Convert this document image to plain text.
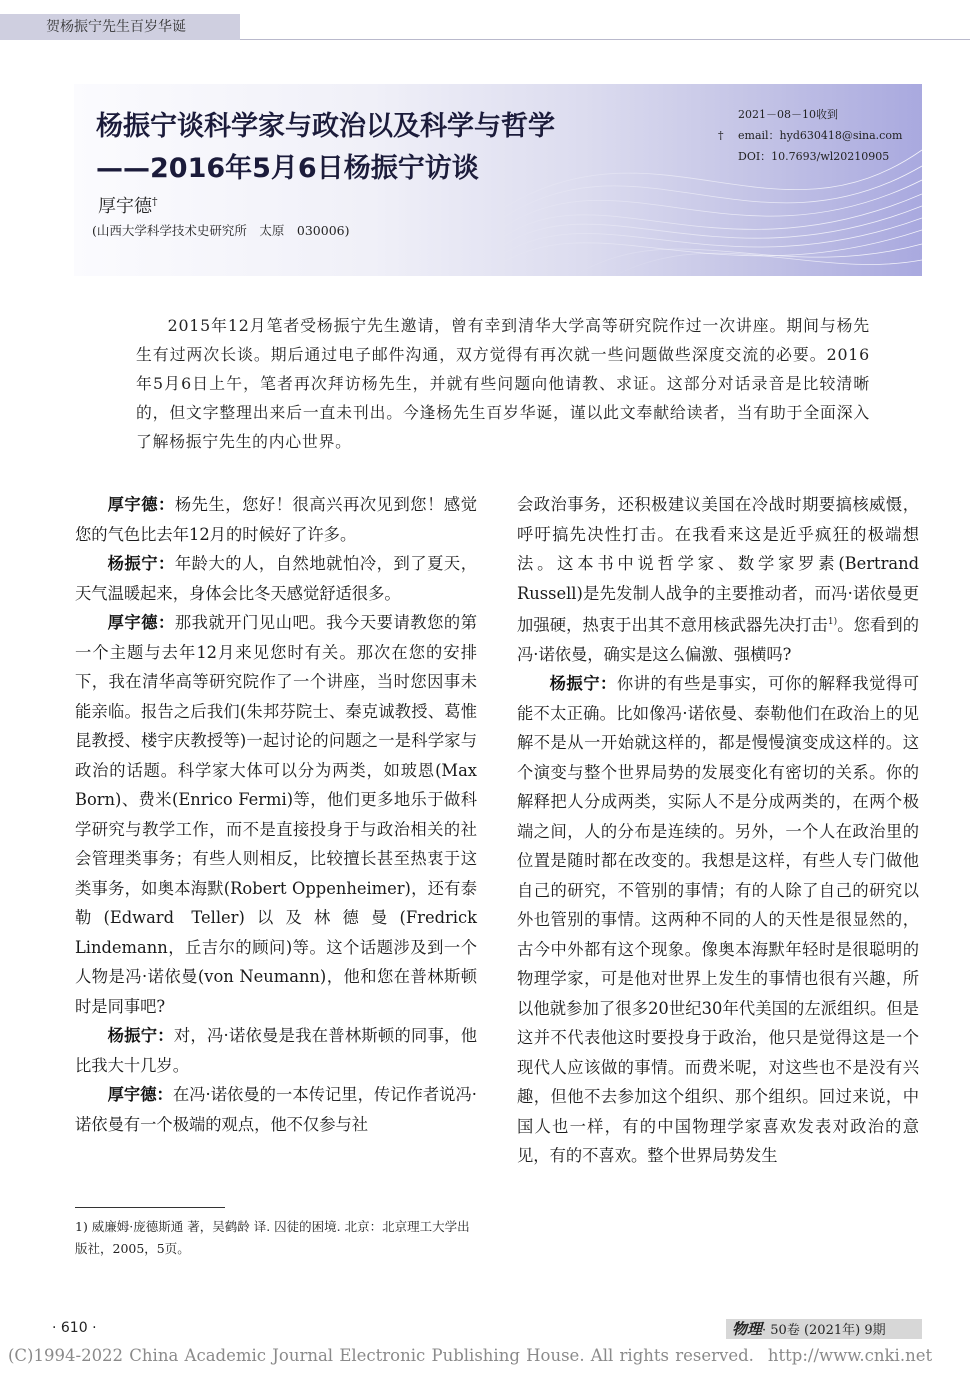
贺杨振宁先生百岁华诞
杨振宁谈科学家与政治以及科学与哲学
——2016年5月6日杨振宁访谈
厚宇德†
(山西大学科学技术史研究所　太原　030006)
2021－08－10收到
† email：hyd630418@sina.com
DOI：10.7693/wl20210905
2015年12月笔者受杨振宁先生邀请，曾有幸到清华大学高等研究院作过一次讲座。期间与杨先生有过两次长谈。期后通过电子邮件沟通，双方觉得有再次就一些问题做些深度交流的必要。2016年5月6日上午，笔者再次拜访杨先生，并就有些问题向他请教、求证。这部分对话录音是比较清晰的，但文字整理出来后一直未刊出。今逢杨先生百岁华诞，谨以此文奉献给读者，当有助于全面深入了解杨振宁先生的内心世界。

厚宇德：杨先生，您好！很高兴再次见到您！感觉您的气色比去年12月的时候好了许多。

杨振宁：年龄大的人，自然地就怕冷，到了夏天，天气温暖起来，身体会比冬天感觉舒适很多。

厚宇德：那我就开门见山吧。我今天要请教您的第一个主题与去年12月来见您时有关。那次在您的安排下，我在清华高等研究院作了一个讲座，当时您因事未能亲临。报告之后我们(朱邦芬院士、秦克诚教授、葛惟昆教授、楼宇庆教授等)一起讨论的问题之一是科学家与政治的话题。科学家大体可以分为两类，如玻恩(Max Born)、费米(Enrico Fermi)等，他们更多地乐于做科学研究与教学工作，而不是直接投身于与政治相关的社会管理类事务；有些人则相反，比较擅长甚至热衷于这类事务，如奥本海默(Robert Oppenheimer)，还有泰勒(Edward Teller)以及林德曼(Fredrick Lindemann，丘吉尔的顾问)等。这个话题涉及到一个人物是冯·诺依曼(von Neumann)，他和您在普林斯顿时是同事吧?

杨振宁：对，冯·诺依曼是我在普林斯顿的同事，他比我大十几岁。

厚宇德：在冯·诺依曼的一本传记里，传记作者说冯·诺依曼有一个极端的观点，他不仅参与社

会政治事务，还积极建议美国在冷战时期要搞核威慑，呼吁搞先决性打击。在我看来这是近乎疯狂的极端想法。这本书中说哲学家、数学家罗素(Bertrand Russell)是先发制人战争的主要推动者，而冯·诺依曼更加强硬，热衷于出其不意用核武器先决打击$^{1)}$。您看到的冯·诺依曼，确实是这么偏激、强横吗?

杨振宁：你讲的有些是事实，可你的解释我觉得可能不太正确。比如像冯·诺依曼、泰勒他们在政治上的见解不是从一开始就这样的，都是慢慢演变成这样的。这个演变与整个世界局势的发展变化有密切的关系。你的解释把人分成两类，实际人不是分成两类的，在两个极端之间，人的分布是连续的。另外，一个人在政治里的位置是随时都在改变的。我想是这样，有些人专门做他自己的研究，不管别的事情；有的人除了自己的研究以外也管别的事情。这两种不同的人的天性是很显然的，古今中外都有这个现象。像奥本海默年轻时是很聪明的物理学家，可是他对世界上发生的事情也很有兴趣，所以他就参加了很多20世纪30年代美国的左派组织。但是这并不代表他这时要投身于政治，他只是觉得这是一个现代人应该做的事情。而费米呢，对这些也不是没有兴趣，但他不去参加这个组织、那个组织。回过来说，中国人也一样，有的中国物理学家喜欢发表对政治的意见，有的不喜欢。整个世界局势发生

1) 威廉姆·庞德斯通 著，吴鹤龄 译. 囚徒的困境. 北京：北京理工大学出版社，2005，5页。
· 610 ·	物理· 50卷 (2021年) 9期
(C)1994-2022 China Academic Journal Electronic Publishing House. All rights reserved. http://www.cnki.net
